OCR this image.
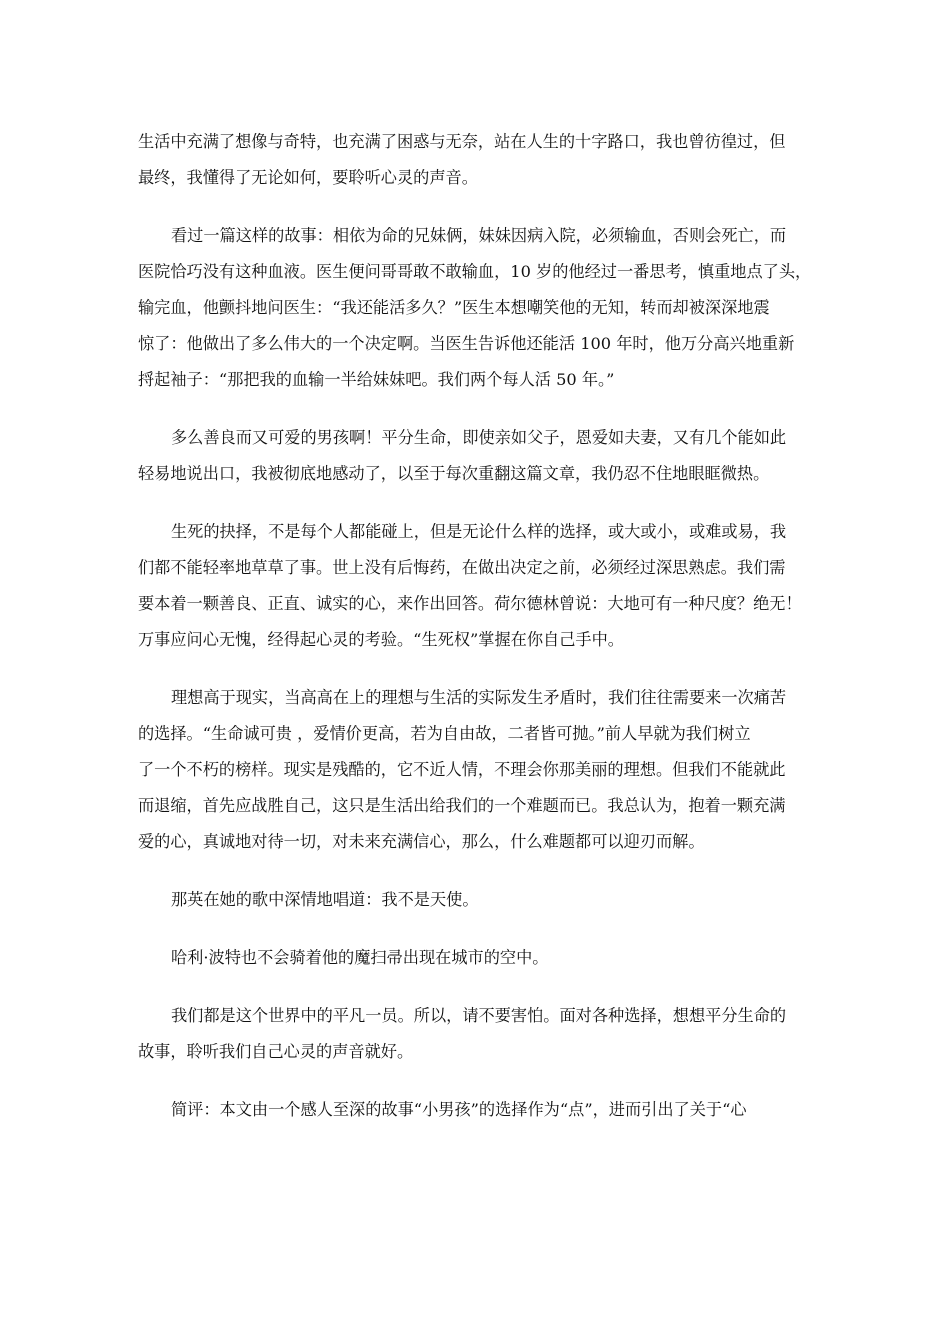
生活中充满了想像与奇特，也充满了困惑与无奈，站在人生的十字路口，我也曾彷徨过，但
最终，我懂得了无论如何，要聆听心灵的声音。
看过一篇这样的故事：相依为命的兄妹俩，妹妹因病入院，必须输血，否则会死亡，而
医院恰巧没有这种血液。医生便问哥哥敢不敢输血，10 岁的他经过一番思考，慎重地点了头，
输完血，他颤抖地问医生：“我还能活多久？”医生本想嘲笑他的无知，转而却被深深地震
惊了：他做出了多么伟大的一个决定啊。当医生告诉他还能活 100 年时，他万分高兴地重新
捋起袖子：“那把我的血输一半给妹妹吧。我们两个每人活 50 年。”
多么善良而又可爱的男孩啊！平分生命，即使亲如父子，恩爱如夫妻，又有几个能如此
轻易地说出口，我被彻底地感动了，以至于每次重翻这篇文章，我仍忍不住地眼眶微热。
生死的抉择，不是每个人都能碰上，但是无论什么样的选择，或大或小，或难或易，我
们都不能轻率地草草了事。世上没有后悔药，在做出决定之前，必须经过深思熟虑。我们需
要本着一颗善良、正直、诚实的心，来作出回答。荷尔德林曾说：大地可有一种尺度？绝无！
万事应问心无愧，经得起心灵的考验。“生死权”掌握在你自己手中。
理想高于现实，当高高在上的理想与生活的实际发生矛盾时，我们往往需要来一次痛苦
的选择。“生命诚可贵 ，爱情价更高，若为自由故，二者皆可抛。”前人早就为我们树立
了一个不朽的榜样。现实是残酷的，它不近人情，不理会你那美丽的理想。但我们不能就此
而退缩，首先应战胜自己，这只是生活出给我们的一个难题而已。我总认为，抱着一颗充满
爱的心，真诚地对待一切，对未来充满信心，那么，什么难题都可以迎刃而解。
那英在她的歌中深情地唱道：我不是天使。
哈利·波特也不会骑着他的魔扫帚出现在城市的空中。
我们都是这个世界中的平凡一员。所以，请不要害怕。面对各种选择，想想平分生命的
故事，聆听我们自己心灵的声音就好。
简评：本文由一个感人至深的故事“小男孩”的选择作为“点”，进而引出了关于“心
